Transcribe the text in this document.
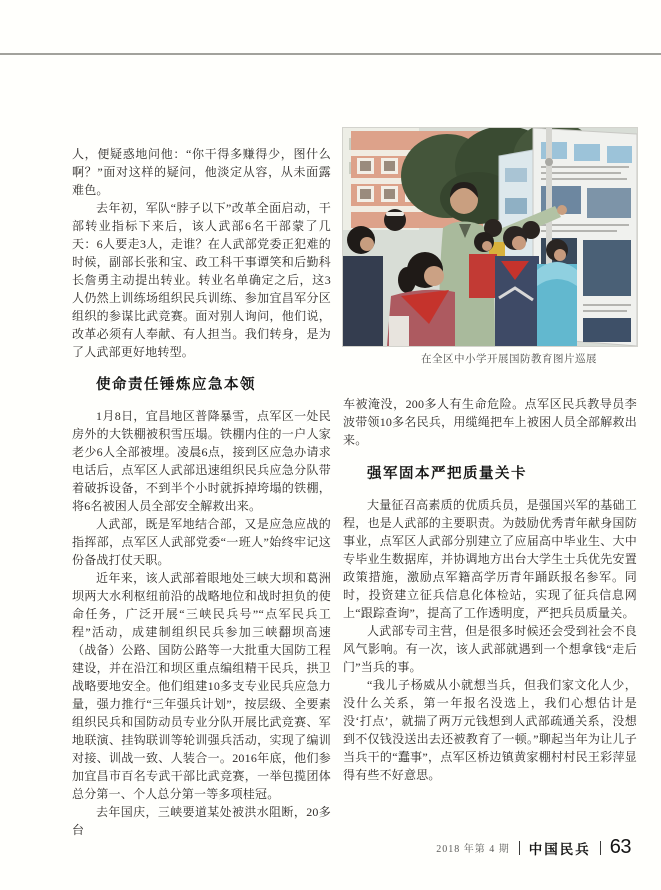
人，便疑惑地问他：“你干得多赚得少，图什么啊？”面对这样的疑问，他淡定从容，从未面露难色。

去年初，军队“脖子以下”改革全面启动，干部转业指标下来后，该人武部6名干部蒙了几天：6人要走3人，走谁？在人武部党委正犯难的时候，副部长张和宝、政工科干事谭笑和后勤科长詹勇主动提出转业。转业名单确定之后，这3人仍然上训练场组织民兵训练、参加宜昌军分区组织的参谋比武竞赛。面对别人询问，他们说，改革必须有人奉献、有人担当。我们转身，是为了人武部更好地转型。

使命责任锤炼应急本领

1月8日，宜昌地区普降暴雪，点军区一处民房外的大铁棚被积雪压塌。铁棚内住的一户人家老少6人全部被埋。凌晨6点，接到区应急办请求电话后，点军区人武部迅速组织民兵应急分队带着破拆设备，不到半个小时就拆掉垮塌的铁棚，将6名被困人员全部安全解救出来。

人武部，既是军地结合部，又是应急应战的指挥部，点军区人武部党委“一班人”始终牢记这份备战打仗天职。

近年来，该人武部着眼地处三峡大坝和葛洲坝两大水利枢纽前沿的战略地位和战时担负的使命任务，广泛开展“三峡民兵号”“点军民兵工程”活动，成建制组织民兵参加三峡翻坝高速（战备）公路、国防公路等一大批重大国防工程建设，并在沿江和坝区重点编组精干民兵，拱卫战略要地安全。他们组建10多支专业民兵应急力量，强力推行“三年强兵计划”，按层级、全要素组织民兵和国防动员专业分队开展比武竞赛、军地联演、挂钩联训等轮训强兵活动，实现了编训对接、训战一致、人装合一。2016年底，他们参加宜昌市百名专武干部比武竞赛，一举包揽团体总分第一、个人总分第一等多项桂冠。

去年国庆，三峡要道某处被洪水阻断，20多台

在全区中小学开展国防教育图片巡展

车被淹没，200多人有生命危险。点军区民兵教导员李波带领10多名民兵，用缆绳把车上被困人员全部解救出来。

强军固本严把质量关卡

大量征召高素质的优质兵员，是强国兴军的基础工程，也是人武部的主要职责。为鼓励优秀青年献身国防事业，点军区人武部分别建立了应届高中毕业生、大中专毕业生数据库，并协调地方出台大学生士兵优先安置政策措施，激励点军籍高学历青年踊跃报名参军。同时，投资建立征兵信息化体检站，实现了征兵信息网上“跟踪查询”，提高了工作透明度，严把兵员质量关。

人武部专司主营，但是很多时候还会受到社会不良风气影响。有一次，该人武部就遇到一个想拿钱“走后门”当兵的事。

“我儿子杨威从小就想当兵，但我们家文化人少，没什么关系，第一年报名没选上，我们心想估计是没‘打点’，就揣了两万元钱想到人武部疏通关系，没想到不仅钱没送出去还被教育了一顿。”聊起当年为让儿子当兵干的“蠢事”，点军区桥边镇黄家棚村村民王彩萍显得有些不好意思。

2018 年第 4 期 中国民兵 63
